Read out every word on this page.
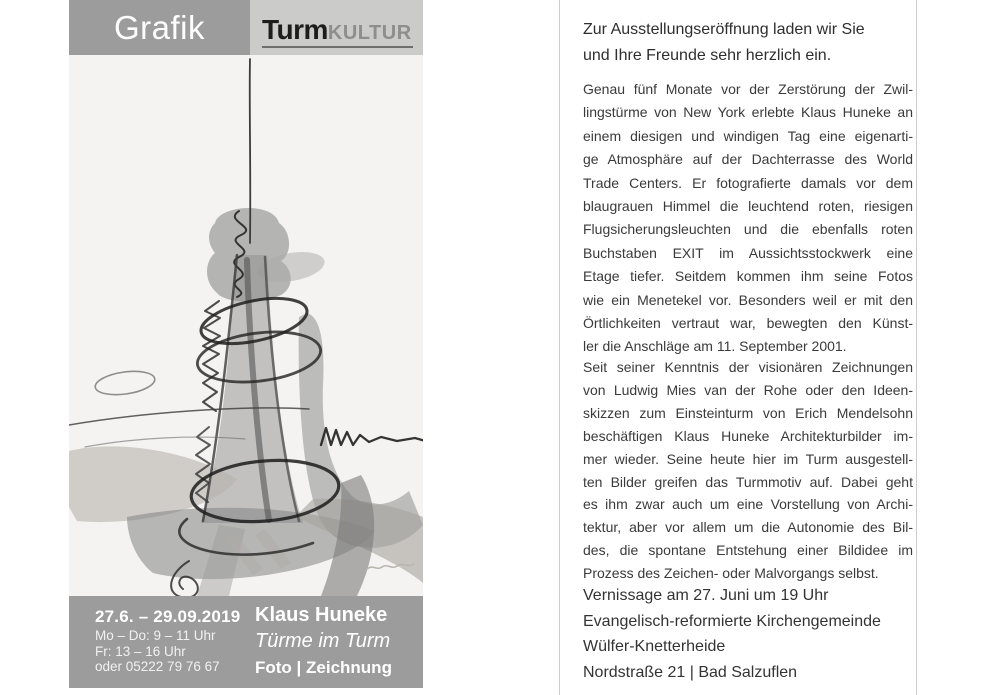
Grafik TurmKULTUR
27.6. – 29.09.2019
Mo – Do: 9 – 11 Uhr
Fr: 13 – 16 Uhr
oder 05222 79 76 67
Klaus Huneke
Türme im Turm
Foto | Zeichnung
Zur Ausstellungseröffnung laden wir Sie
und Ihre Freunde sehr herzlich ein.
Genau fünf Monate vor der Zerstörung der Zwil-
lingstürme von New York erlebte Klaus Huneke an
einem diesigen und windigen Tag eine eigenarti-
ge Atmosphäre auf der Dachterrasse des World
Trade Centers. Er fotografierte damals vor dem
blaugrauen Himmel die leuchtend roten, riesigen
Flugsicherungsleuchten und die ebenfalls roten
Buchstaben EXIT im Aussichtsstockwerk eine
Etage tiefer. Seitdem kommen ihm seine Fotos
wie ein Menetekel vor. Besonders weil er mit den
Örtlichkeiten vertraut war, bewegten den Künst-
ler die Anschläge am 11. September 2001.
Seit seiner Kenntnis der visionären Zeichnungen
von Ludwig Mies van der Rohe oder den Ideen-
skizzen zum Einsteinturm von Erich Mendelsohn
beschäftigen Klaus Huneke Architekturbilder im-
mer wieder. Seine heute hier im Turm ausgestell-
ten Bilder greifen das Turmmotiv auf. Dabei geht
es ihm zwar auch um eine Vorstellung von Archi-
tektur, aber vor allem um die Autonomie des Bil-
des, die spontane Entstehung einer Bildidee im
Prozess des Zeichen- oder Malvorgangs selbst.
Vernissage am 27. Juni um 19 Uhr
Evangelisch-reformierte Kirchengemeinde
Wülfer-Knetterheide
Nordstraße 21 | Bad Salzuflen
